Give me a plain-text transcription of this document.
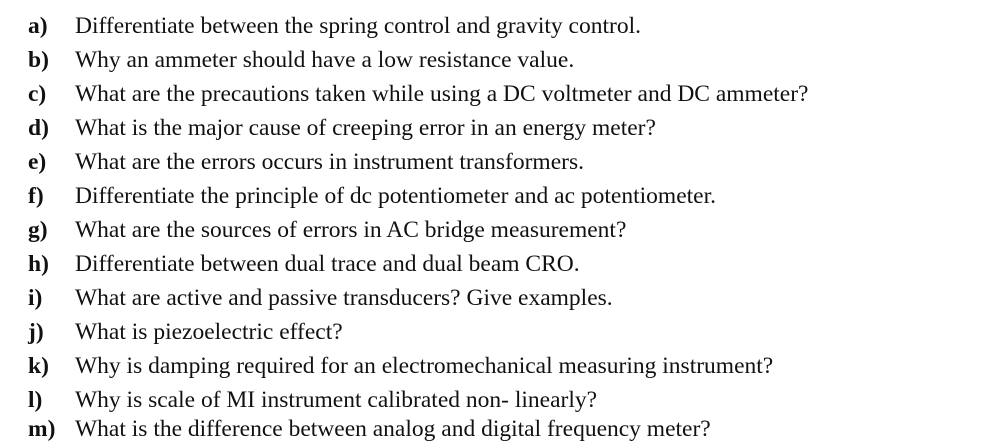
a)	Differentiate between the spring control and gravity control.
b)	Why an ammeter should have a low resistance value.
c)	What are the precautions taken while using a DC voltmeter and DC ammeter?
d)	What is the major cause of creeping error in an energy meter?
e)	What are the errors occurs in instrument transformers.
f)	Differentiate the principle of dc potentiometer and ac potentiometer.
g)	What are the sources of errors in AC bridge measurement?
h)	Differentiate between dual trace and dual beam CRO.
i)	What are active and passive transducers? Give examples.
j)	What is piezoelectric effect?
k)	Why is damping required for an electromechanical measuring instrument?
l)	Why is scale of MI instrument calibrated non- linearly?
m) What is the difference between analog and digital frequency meter?
